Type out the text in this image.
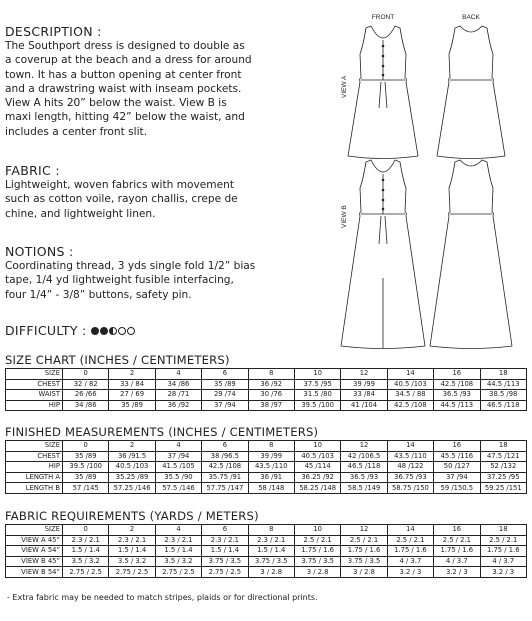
DESCRIPTION :
The Southport dress is designed to double as
a coverup at the beach and a dress for around
town. It has a button opening at center front
and a drawstring waist with inseam pockets.
View A hits 20” below the waist. View B is
maxi length, hitting 42” below the waist, and
includes a center front slit.
FABRIC :
Lightweight, woven fabrics with movement
such as cotton voile, rayon challis, crepe de
chine, and lightweight linen.
NOTIONS :
Coordinating thread, 3 yds single fold 1/2” bias
tape, 1/4 yd lightweight fusible interfacing,
four 1/4” - 3/8” buttons, safety pin.
DIFFICULTY :
FRONT	BACK
VIEW A
VIEW B
SIZE CHART (INCHES / CENTIMETERS)
SIZE	0	2	4	6	8	10	12	14	16	18
CHEST	32 / 82	33 / 84	34 /86	35 /89	36 /92	37.5 /95	39 /99	40.5 /103	42.5 /108	44.5 /113
WAIST	26 /66	27 / 69	28 /71	29 /74	30 /76	31.5 /80	33 /84	34.5 / 88	36.5 /93	38.5 /98
HIP	34 /86	35 /89	36 /92	37 /94	38 /97	39.5 /100	41 /104	42.5 /108	44.5 /113	46.5 /118
FINISHED MEASUREMENTS (INCHES / CENTIMETERS)
SIZE	0	2	4	6	8	10	12	14	16	18
CHEST	35 /89	36 /91.5	37 /94	38 /96.5	39 /99	40.5 /103	42 /106.5	43.5 /110	45.5 /116	47.5 /121
HIP	39.5 /100	40.5 /103	41.5 /105	42.5 /108	43.5 /110	45 /114	46.5 /118	48 /122	50 /127	52 /132
LENGTH A	35 /89	35.25 /89	35.5 /90	35.75 /91	36 /91	36.25 /92	36.5 /93	36.75 /93	37 /94	37.25 /95
LENGTH B	57 /145	57.25 /146	57.5 /146	57.75 /147	58 /148	58.25 /148	58.5 /149	58.75 /150	59 /150.5	59.25 /151
FABRIC REQUIREMENTS (YARDS / METERS)
SIZE	0	2	4	6	8	10	12	14	16	18
VIEW A 45”	2.3 / 2.1	2.3 / 2.1	2.3 / 2.1	2.3 / 2.1	2.3 / 2.1	2.5 / 2.1	2.5 / 2.1	2.5 / 2.1	2.5 / 2.1	2.5 / 2.1
VIEW A 54”	1.5 / 1.4	1.5 / 1.4	1.5 / 1.4	1.5 / 1.4	1.5 / 1.4	1.75 / 1.6	1.75 / 1.6	1.75 / 1.6	1.75 / 1.6	1.75 / 1.6
VIEW B 45”	3.5 / 3.2	3.5 / 3.2	3.5 / 3.2	3.75 / 3.5	3.75 / 3.5	3.75 / 3.5	3.75 / 3.5	4 / 3.7	4 / 3.7	4 / 3.7
VIEW B 54”	2.75 / 2.5	2.75 / 2.5	2.75 / 2.5	2.75 / 2.5	3 / 2.8	3 / 2.8	3 / 2.8	3.2 / 3	3.2 / 3	3.2 / 3
- Extra fabric may be needed to match stripes, plaids or for directional prints.
